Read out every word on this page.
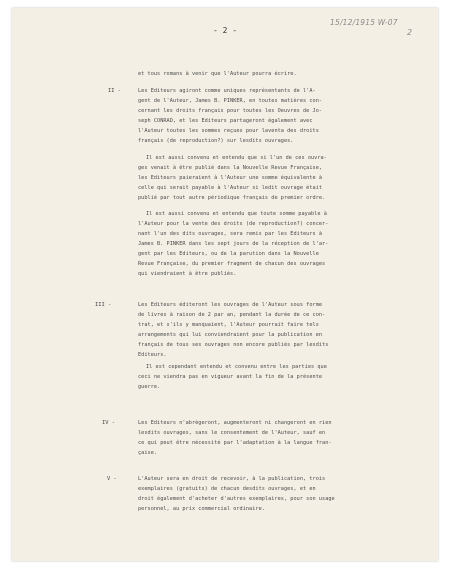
- 2 -
15/12/1915 W-07
2
et tous romans à venir que l'Auteur pourra écrire.
II -	Les Editeurs agiront comme uniques représentants de l'A-
gent de l'Auteur, James B. PINKER, en toutes matières con-
cernant les droits français pour toutes les Oeuvres de Jo-
seph CONRAD, et les Editeurs partageront également avec
l'Auteur toutes les sommes reçues pour laventa des droits
français (de reproduction?) sur lesdits ouvrages.
Il est aussi convenu et entendu que si l'un de ces ouvra-
ges venait à être publié dans la Nouvelle Revue Française,
les Editeurs paieraient à l'Auteur une somme équivalente à
celle qui serait payable à l'Auteur si ledit ouvrage était
publié par tout autre périodique français de premier ordre.
Il est aussi convenu et entendu que toute somme payable à
l'Auteur pour la vente des droits (de reproduction?) concer-
nant l'un des dits ouvrages, sera remis par les Editeurs à
James B. PINKER dans les sept jours de la réception de l'ar-
gent par les Editeurs, ou de la parution dans la Nouvelle
Revue Française, du premier fragment de chacun des ouvrages
qui viendraient à être publiés.
III -	Les Editeurs éditeront les ouvrages de l'Auteur sous forme
de livres à raison de 2 par an, pendant la durée de ce con-
trat, et s'ils y manquaient, l'Auteur pourrait faire tels
arrangements qui lui conviendraient pour la publication en
français de tous ses ouvrages non encore publiés par lesdits
Editeurs.
Il est cependant entendu et convenu entre les parties que
ceci ne viendra pas en vigueur avant la fin de la présente
guerre.
IV -	Les Editeurs n'abrègeront, augmenteront ni changeront en rien
lesdits ouvrages, sans le consentement de l'Auteur, sauf en
ce qui peut être nécessité par l'adaptation à la langue fran-
çaise.
V -	L'Auteur sera en droit de recevoir, à la publication, trois
exemplaires (gratuits) de chacun desdits ouvrages, et en
droit également d'acheter d'autres exemplaires, pour son usage
personnel, au prix commercial ordinaire.
